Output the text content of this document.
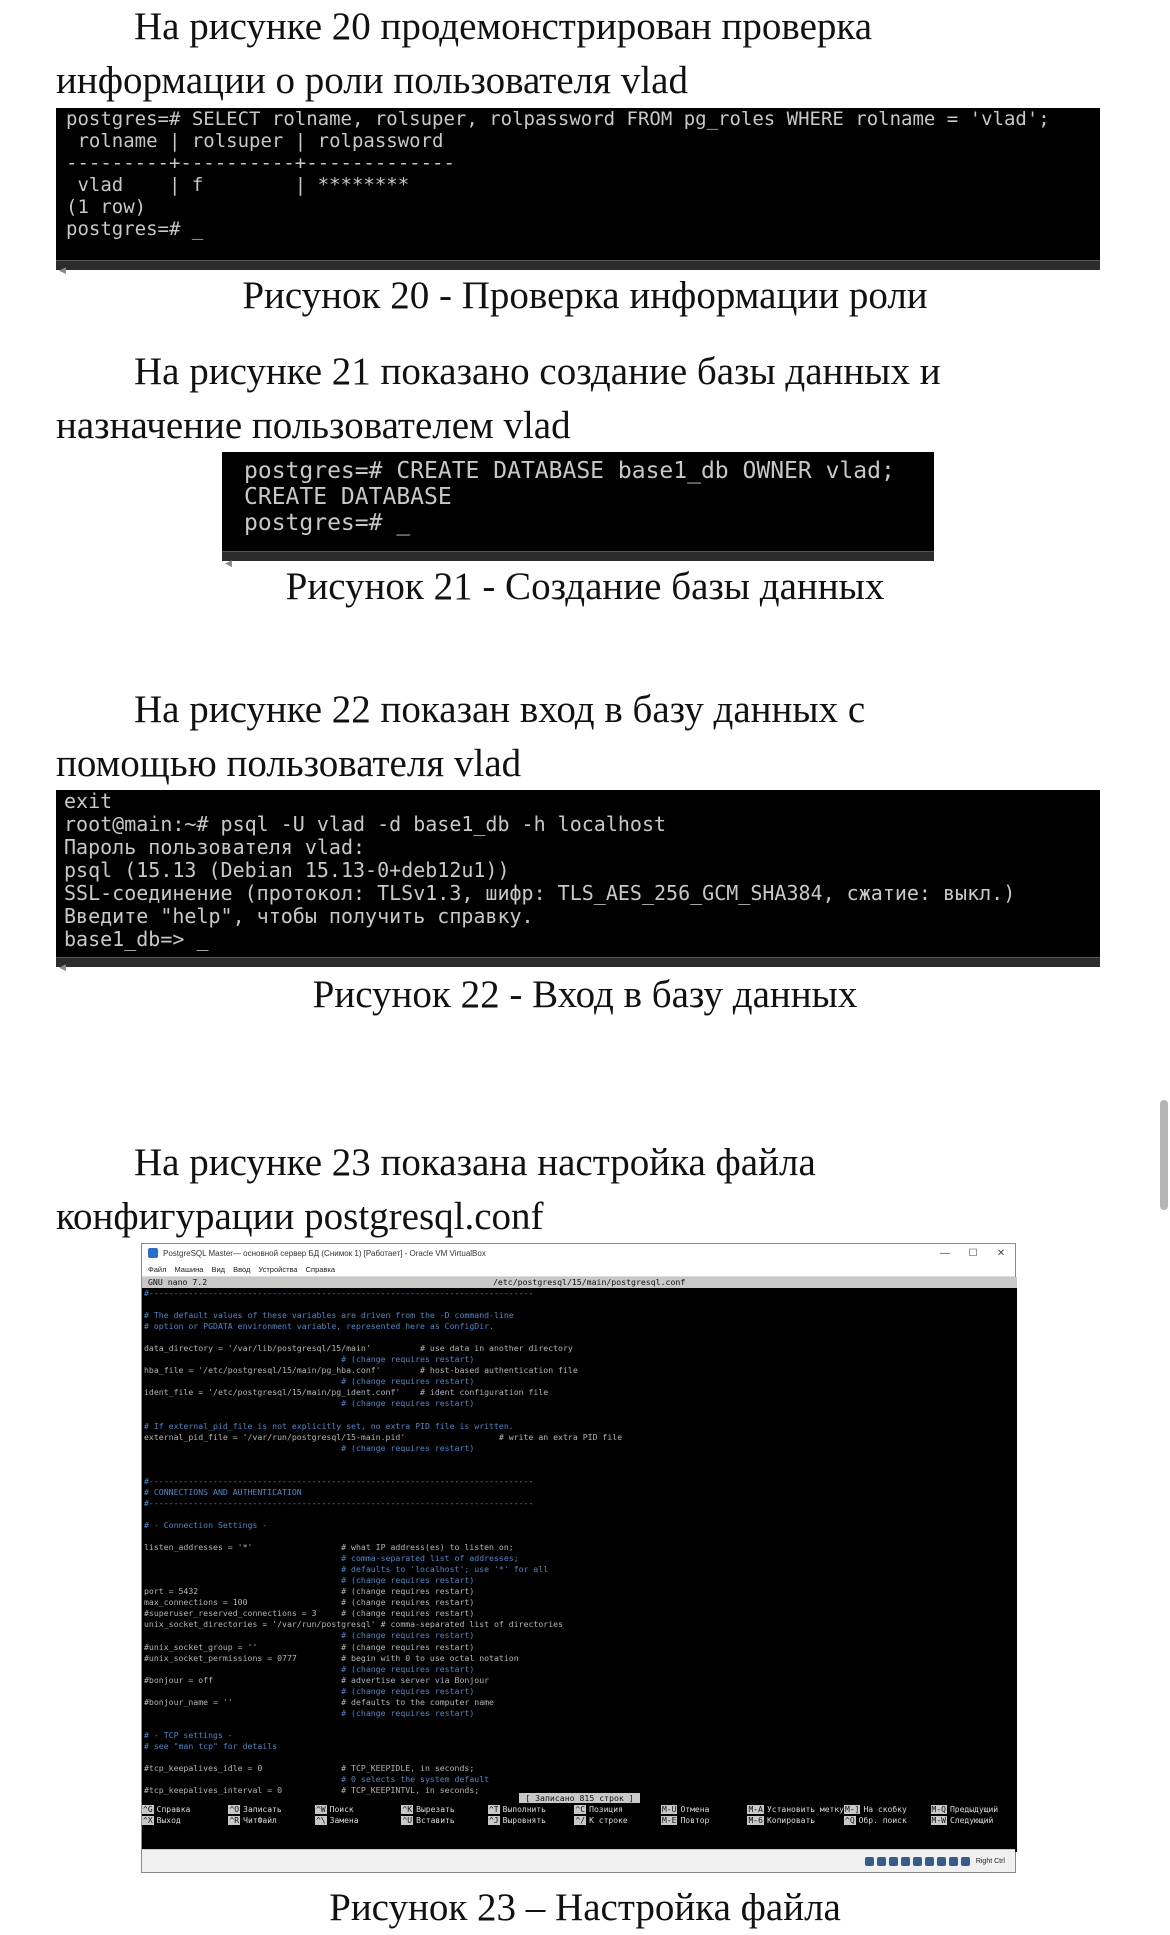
На рисунке 20 продемонстрирован проверка
информации о роли пользователя vlad

postgres=# SELECT rolname, rolsuper, rolpassword FROM pg_roles WHERE rolname = 'vlad';
rolname | rolsuper | rolpassword
---------+----------+-------------
vlad    | f        | ********
(1 row)
postgres=# _
◀
Рисунок 20 - Проверка информации роли

На рисунке 21 показано создание базы данных и
назначение пользователем vlad

postgres=# CREATE DATABASE base1_db OWNER vlad;
CREATE DATABASE
postgres=# _
◀
Рисунок 21 - Создание базы данных

На рисунке 22 показан вход в базу данных с
помощью пользователя vlad

exit
root@main:~# psql -U vlad -d base1_db -h localhost
Пароль пользователя vlad:
psql (15.13 (Debian 15.13-0+deb12u1))
SSL-соединение (протокол: TLSv1.3, шифр: TLS_AES_256_GCM_SHA384, сжатие: выкл.)
Введите "help", чтобы получить справку.
base1_db=> _
◀
Рисунок 22 - Вход в базу данных

На рисунке 23 показана настройка файла
конфигурации postgresql.conf

PostgreSQL Master— основной сервер БД (Снимок 1) [Работает] - Oracle VM VirtualBox	—	☐	✕
Файл Машина Вид Ввод Устройства Справка
GNU nano 7.2	/etc/postgresql/15/main/postgresql.conf
#------------------------------------------------------------------------------
# The default values of these variables are driven from the -D command-line
# option or PGDATA environment variable, represented here as ConfigDir.
data_directory = '/var/lib/postgresql/15/main'          # use data in another directory
# (change requires restart)
hba_file = '/etc/postgresql/15/main/pg_hba.conf'        # host-based authentication file
# (change requires restart)
ident_file = '/etc/postgresql/15/main/pg_ident.conf'    # ident configuration file
# (change requires restart)
# If external_pid_file is not explicitly set, no extra PID file is written.
external_pid_file = '/var/run/postgresql/15-main.pid'                   # write an extra PID file
# (change requires restart)
#------------------------------------------------------------------------------
# CONNECTIONS AND AUTHENTICATION
#------------------------------------------------------------------------------
# - Connection Settings -
listen_addresses = '*'                  # what IP address(es) to listen on;
# comma-separated list of addresses;
# defaults to 'localhost'; use '*' for all
# (change requires restart)
port = 5432                             # (change requires restart)
max_connections = 100                   # (change requires restart)
#superuser_reserved_connections = 3     # (change requires restart)
unix_socket_directories = '/var/run/postgresql' # comma-separated list of directories
# (change requires restart)
#unix_socket_group = ''                 # (change requires restart)
#unix_socket_permissions = 0777         # begin with 0 to use octal notation
# (change requires restart)
#bonjour = off                          # advertise server via Bonjour
# (change requires restart)
#bonjour_name = ''                      # defaults to the computer name
# (change requires restart)
# - TCP settings -
# see "man tcp" for details
#tcp_keepalives_idle = 0                # TCP_KEEPIDLE, in seconds;
# 0 selects the system default
#tcp_keepalives_interval = 0            # TCP_KEEPINTVL, in seconds;
[ Записано 815 строк ]
^G Справка	^O Записать	^W Поиск	^K Вырезать	^T Выполнить	^C Позиция	M-U Отмена	M-A Установить метку M-] На скобку	M-Q Предыдущий
^X Выход	^R ЧитФайл	^\ Замена	^U Вставить	^J Выровнять	^/ К строке	M-E Повтор	M-6 Копировать	^Q Обр. поиск	M-W Следующий
Right Ctrl
Рисунок 23 – Настройка файла
